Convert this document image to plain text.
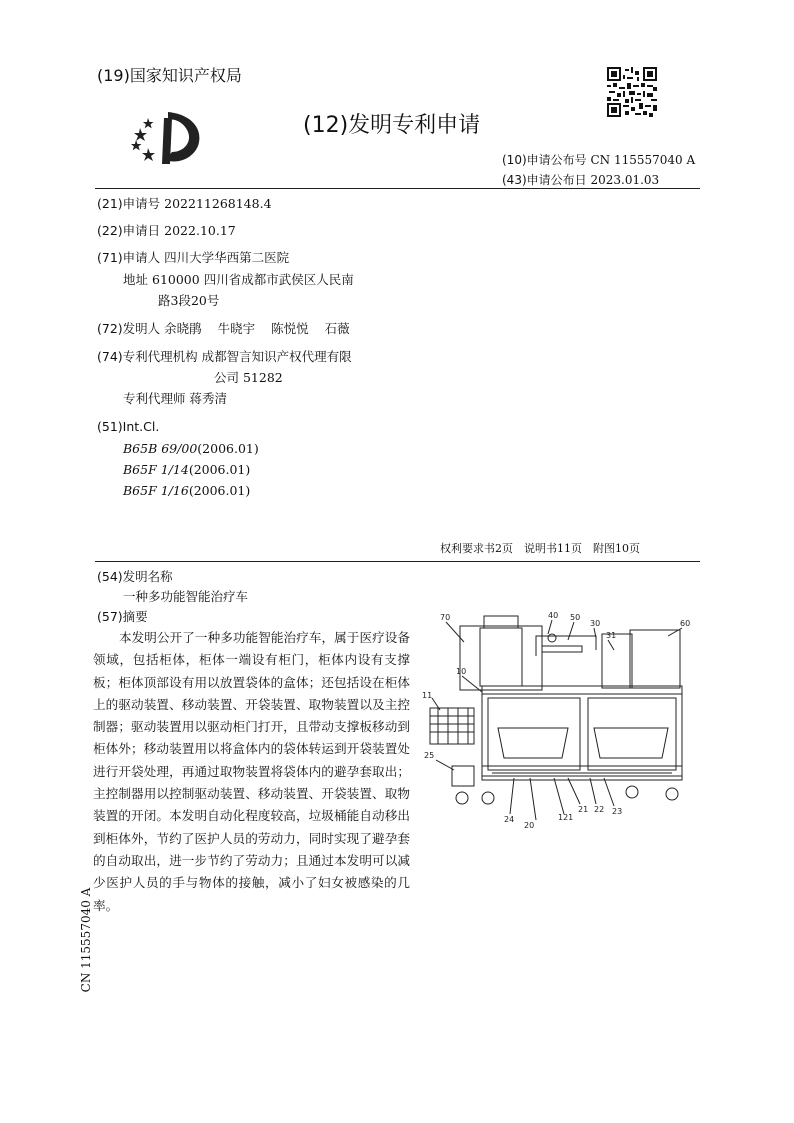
(19)国家知识产权局
(12)发明专利申请
(10)申请公布号 CN 115557040 A
(43)申请公布日 2023.01.03
(21)申请号 202211268148.4
(22)申请日 2022.10.17
(71)申请人 四川大学华西第二医院
地址 610000 四川省成都市武侯区人民南
路3段20号
(72)发明人 余晓鹃 牛晓宇 陈悦悦 石薇
(74)专利代理机构 成都智言知识产权代理有限
公司 51282
专利代理师 蒋秀清
(51)Int.Cl.
B65B 69/00(2006.01)
B65F 1/14(2006.01)
B65F 1/16(2006.01)
权利要求书2页　说明书11页　附图10页
(54)发明名称
一种多功能智能治疗车
(57)摘要
本发明公开了一种多功能智能治疗车，属于医疗设备领域，包括柜体，柜体一端设有柜门，柜体内设有支撑板；柜体顶部设有用以放置袋体的盒体；还包括设在柜体上的驱动装置、移动装置、开袋装置、取物装置以及主控制器；驱动装置用以驱动柜门打开，且带动支撑板移动到柜体外；移动装置用以将盒体内的袋体转运到开袋装置处进行开袋处理，再通过取物装置将袋体内的避孕套取出；主控制器用以控制驱动装置、移动装置、开袋装置、取物装置的开闭。本发明自动化程度较高，垃圾桶能自动移出到柜体外，节约了医护人员的劳动力，同时实现了避孕套的自动取出，进一步节约了劳动力；且通过本发明可以减少医护人员的手与物体的接触，减小了妇女被感染的几率。
CN 115557040 A
70	40 50
30
31
60
10
11
25
24
20
121
21 22 23
